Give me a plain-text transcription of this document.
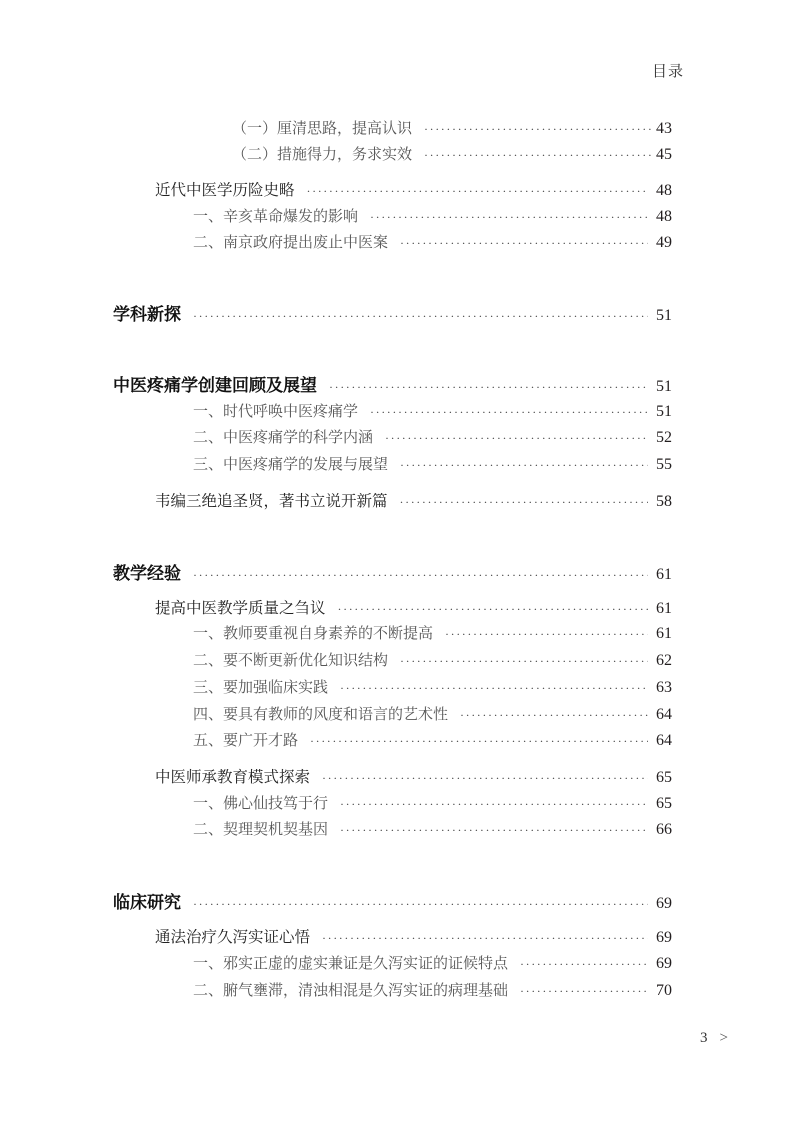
目录
（一）厘清思路，提高认识 ·····	43
（二）措施得力，务求实效 ·····	45
近代中医学历险史略 ·····	48
一、辛亥革命爆发的影响 ·····	48
二、南京政府提出废止中医案 ·····	49
学科新探 ·····	51
中医疼痛学创建回顾及展望 ·····	51
一、时代呼唤中医疼痛学 ·····	51
二、中医疼痛学的科学内涵 ·····	52
三、中医疼痛学的发展与展望 ·····	55
韦编三绝追圣贤，著书立说开新篇 ·····	58
教学经验 ·····	61
提高中医教学质量之刍议 ·····	61
一、教师要重视自身素养的不断提高 ·····	61
二、要不断更新优化知识结构 ·····	62
三、要加强临床实践 ·····	63
四、要具有教师的风度和语言的艺术性 ·····	64
五、要广开才路 ·····	64
中医师承教育模式探索 ·····	65
一、佛心仙技笃于行 ·····	65
二、契理契机契基因 ·····	66
临床研究 ·····	69
通法治疗久泻实证心悟 ·····	69
一、邪实正虚的虚实兼证是久泻实证的证候特点 ·····	69
二、腑气壅滞，清浊相混是久泻实证的病理基础 ·····	70
3 >
